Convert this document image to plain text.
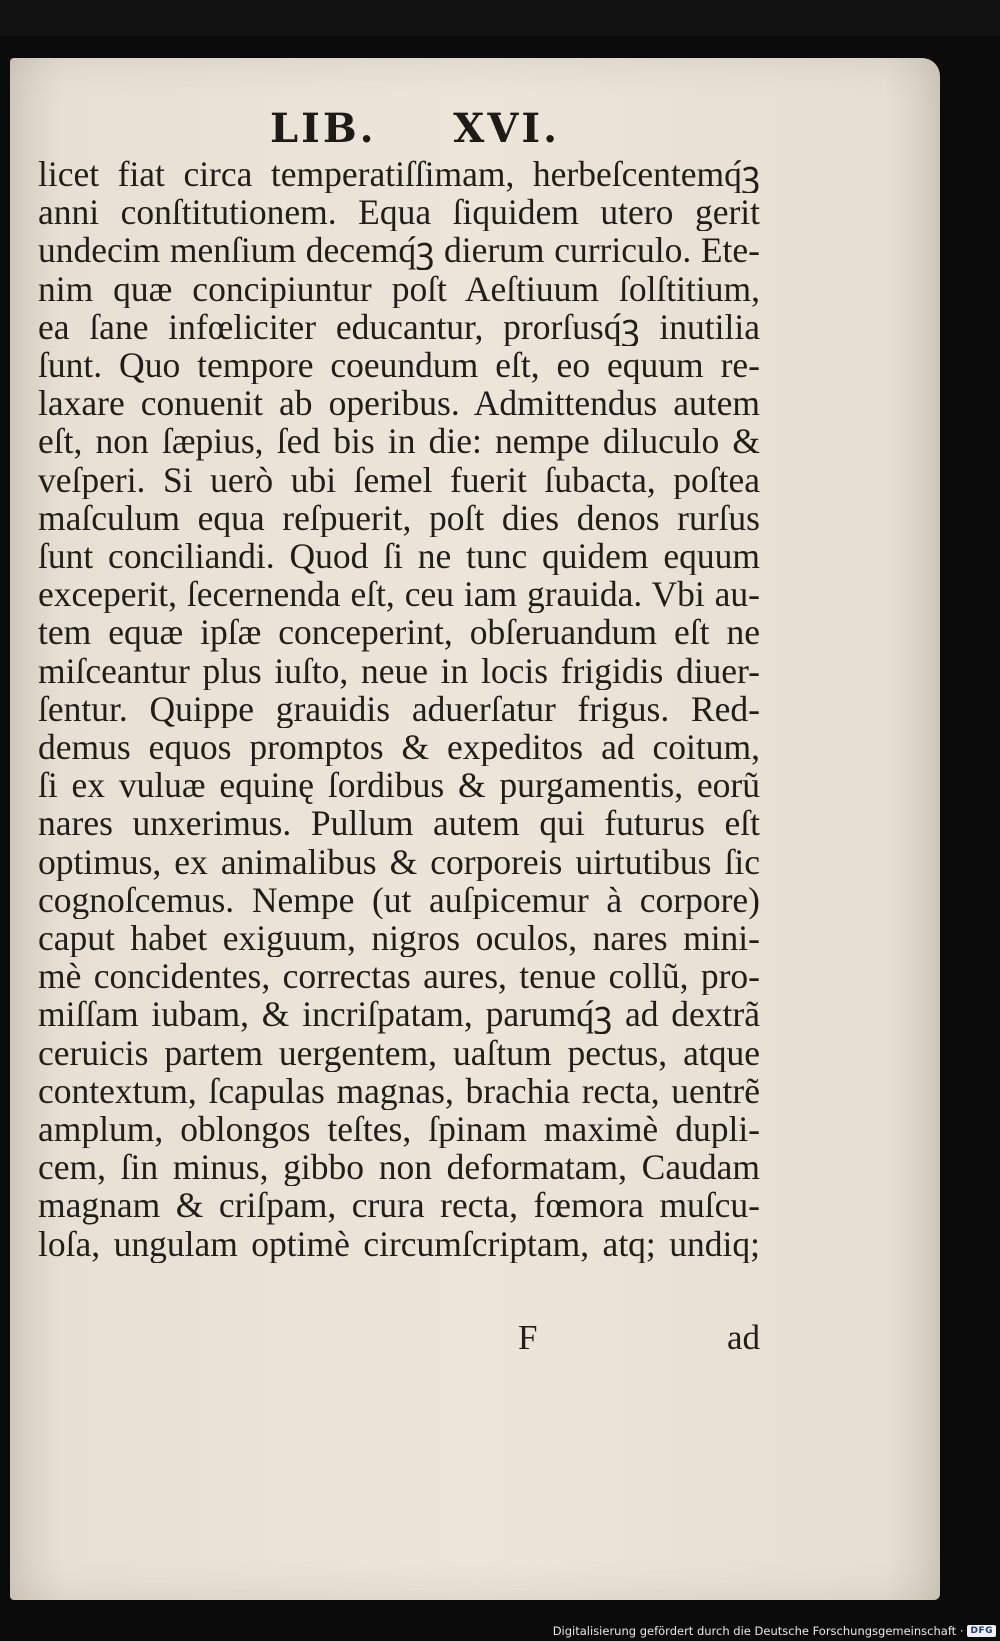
LIB. XVI.
licet fiat circa temperatiſſimam, herbeſcentemq́ꝫ
anni conſtitutionem. Equa ſiquidem utero gerit
undecim menſium decemq́ꝫ dierum curriculo. Ete-
nim quæ concipiuntur poſt Aeſtiuum ſolſtitium,
ea ſane infœliciter educantur, prorſusq́ꝫ inutilia
ſunt. Quo tempore coeundum eſt, eo equum re-
laxare conuenit ab operibus. Admittendus autem
eſt, non ſæpius, ſed bis in die: nempe diluculo &
veſperi. Si uerò ubi ſemel fuerit ſubacta, poſtea
maſculum equa reſpuerit, poſt dies denos rurſus
ſunt conciliandi. Quod ſi ne tunc quidem equum
exceperit, ſecernenda eſt, ceu iam grauida. Vbi au-
tem equæ ipſæ conceperint, obſeruandum eſt ne
miſceantur plus iuſto, neue in locis frigidis diuer-
ſentur. Quippe grauidis aduerſatur frigus. Red-
demus equos promptos & expeditos ad coitum,
ſi ex vuluæ equinę ſordibus & purgamentis, eorũ
nares unxerimus. Pullum autem qui futurus eſt
optimus, ex animalibus & corporeis uirtutibus ſic
cognoſcemus. Nempe (ut auſpicemur à corpore)
caput habet exiguum, nigros oculos, nares mini-
mè concidentes, correctas aures, tenue collũ, pro-
miſſam iubam, & incriſpatam, parumq́ꝫ ad dextrã
ceruicis partem uergentem, uaſtum pectus, atque
contextum, ſcapulas magnas, brachia recta, uentrẽ
amplum, oblongos teſtes, ſpinam maximè dupli-
cem, ſin minus, gibbo non deformatam, Caudam
magnam & criſpam, crura recta, fœmora muſcu-
loſa, ungulam optimè circumſcriptam, atq; undiq;
F	ad
Digitalisierung gefördert durch die Deutsche Forschungsgemeinschaft · DFG
